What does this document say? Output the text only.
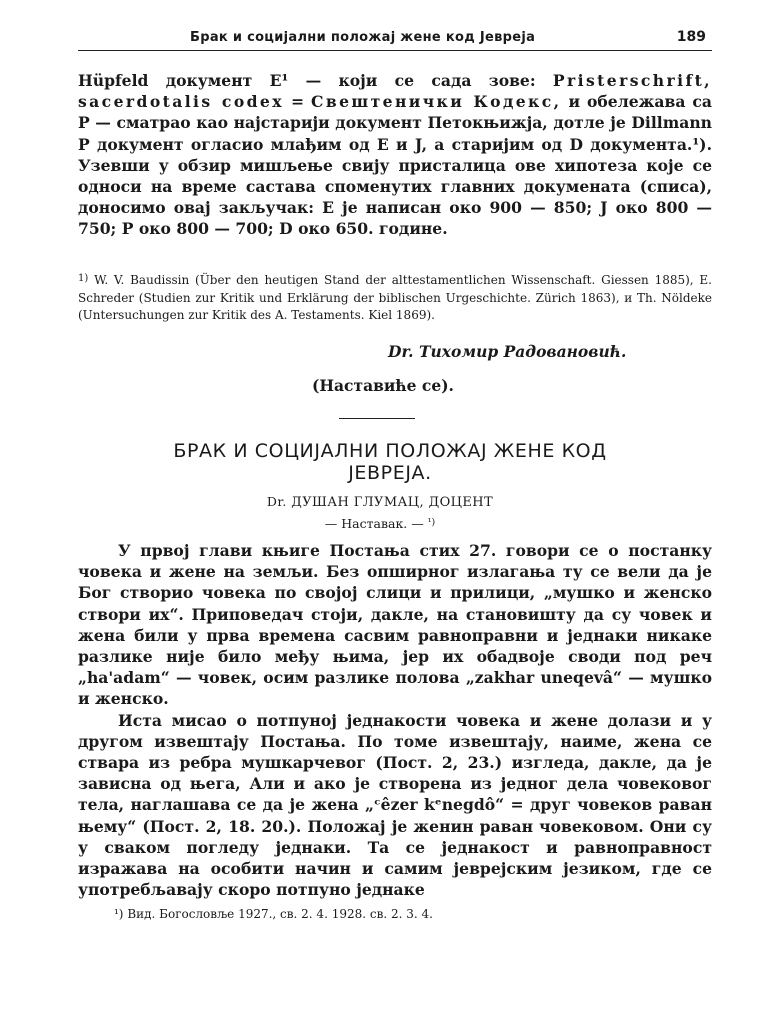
Брак и социјални положај жене код Јевреја	189

Hüpfeld документ E¹ — који се сада зове: Pristerschrift, sacerdotalis codex = Свештенички Кодекс, и обележава са P — сматрао као најстарији документ Петокњижја, дотле је Dillmann P документ огласио млађим од E и J, а старијим од D документа.¹). Узевши у обзир мишљење свију присталица ове хипотеза које се односи на време састава споменутих главних докумената (списа), доносимо овај закључак: E је написан око 900 — 850; J око 800 — 750; P око 800 — 700; D око 650. године.

$^{1)}$ W. V. Baudissin (Über den heutigen Stand der alttestamentlichen Wissenschaft. Giessen 1885), E. Schreder (Studien zur Kritik und Erklärung der biblischen Urgeschichte. Zürich 1863), и Th. Nöldeke (Untersuchungen zur Kritik des A. Testaments. Kiel 1869).

Dr. Тихомир Радовановић.
(Наставиће се).
БРАК И СОЦИЈАЛНИ ПОЛОЖАЈ ЖЕНЕ КОД
ЈЕВРЕЈА.
Dr. ДУШАН ГЛУМАЦ, ДОЦЕНТ
— Наставак. — $^{^1)}$

У првој глави књиге Постања стих 27. говори се о постанку човека и жене на земљи. Без опширног излагања ту се вели да је Бог створио човека по својој слици и прилици, „мушко и женско створи их“. Приповедач стоји, дакле, на становишту да су човек и жена били у прва времена сасвим равноправни и једнаки никаке разлике није било међу њима, јер их обадвоје своди под реч „ha'adam“ — човек, осим разлике полова „zakhar uneqevâ“ — мушко и женско.

Иста мисао о потпуној једнакости човека и жене долази и у другом извештају Постања. По томе извештају, наиме, жена се ствара из ребра мушкарчевог (Пост. 2, 23.) изгледа, дакле, да је зависна од њега, Али и ако је створена из једног дела човековог тела, наглашава се да је жена „ᶜêzer kᵉnegdô“ = друг човеков раван њему“ (Пост. 2, 18. 20.). Положај је женин раван човековом. Они су у сваком погледу једнаки. Та се једнакост и равноправност изражава на особити начин и самим јеврејским језиком, где се употребљавају скоро потпуно једнаке

¹) Вид. Богословље 1927., св. 2. 4. 1928. св. 2. 3. 4.
